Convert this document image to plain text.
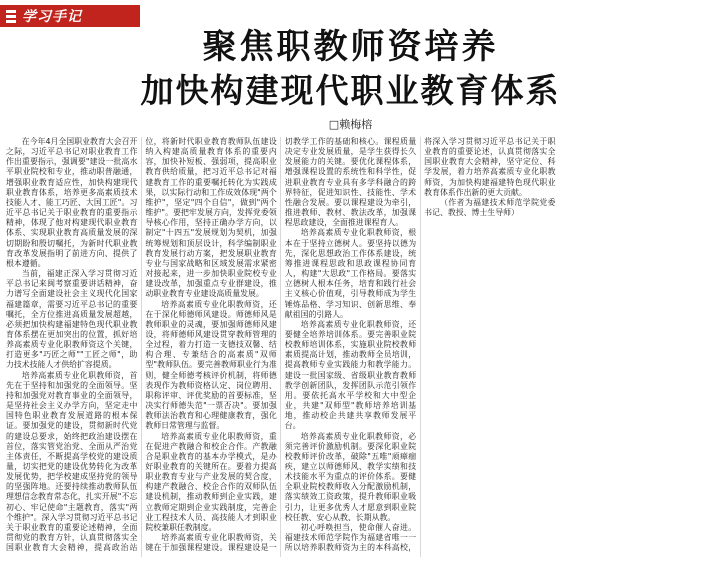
学习手记
聚焦职教师资培养
加快构建现代职业教育体系
□赖梅榕

在今年4月全国职业教育大会召开之际，习近平总书记对职业教育工作作出重要指示，强调要"建设一批高水平职业院校和专业，推动职普融通，增强职业教育适应性，加快构建现代职业教育体系，培养更多高素质技术技能人才、能工巧匠、大国工匠"。习近平总书记关于职业教育的重要指示精神，体现了他对构建现代职业教育体系、实现职业教育高质量发展的深切期盼和殷切嘱托，为新时代职业教育改革发展指明了前进方向、提供了根本遵循。

当前，福建正深入学习贯彻习近平总书记来闽考察重要讲话精神，奋力谱写全面建设社会主义现代化国家福建篇章，需要习近平总书记的重要嘱托，全方位推进高质量发展超越，必须把加快构建福建特色现代职业教育体系摆在更加突出的位置，抓好培养高素质专业化职教师资这个关键，打造更多"巧匠之师""工匠之师"，助力技术技能人才供给扩容提质。

培养高素质专业化职教师资，首先在于坚持和加强党的全面领导。坚持和加强党对教育事业的全面领导，是坚持社会主义办学方向，坚定走中国特色职业教育发展道路的根本保证。要加强党的建设，贯彻新时代党的建设总要求，始终把政治建设摆在首位，落实管党治党、全面从严治党主体责任，不断提高学校党的建设质量，切实把党的建设优势转化为改革发展优势，把学校建成坚持党的领导的坚强阵地。还要持续推动教师队伍理想信念教育常态化，扎实开展"不忘初心、牢记使命"主题教育，落实"两个维护"。深入学习贯彻习近平总书记关于职业教育的重要论述精神，全面贯彻党的教育方针，认真贯彻落实全国职业教育大会精神，提高政治站位，将新时代职业教育教师队伍建设纳入构建高质量教育体系的重要内容，加快补短板、强弱项，提高职业教育供给质量，把习近平总书记对福建教育工作的重要嘱托转化为实践成果，以实际行动和工作成效体现"两个维护"，坚定"四个自信"，做到"两个维护"。要把牢发展方向，发挥党委领导核心作用，坚持正确办学方向，以制定"十四五"发展规划为契机，加强统筹规划和顶层设计，科学编制职业教育发展行动方案，把发展职业教育专业与国家战略和区域发展需求紧密对接起来，进一步加快职业院校专业建设改革，加强重点专业群建设，推动职业教育专业建设高质量发展。

培养高素质专业化职教师资，还在于深化师德师风建设。师德师风是教师职业的灵魂，要加强师德师风建设，将师德师风建设贯穿教师管理的全过程，着力打造一支德技双馨、结构合理、专兼结合的高素质"双师型"教师队伍。要完善教师职业行为准则，健全师德考核评价机制，将师德表现作为教师资格认定、岗位聘用、职称评审、评优奖励的首要标准，坚决实行师德失范"一票否决"。要加强教师法治教育和心理健康教育，强化教师日常管理与监督。

培养高素质专业化职教师资，重在促进产教融合和校企合作。产教融合是职业教育的基本办学模式，是办好职业教育的关键所在。要着力提高职业教育专业与产业发展的契合度，构建产教融合、校企合作的双师队伍建设机制，推动教师到企业实践，建立教师定期到企业实践制度，完善企业工程技术人员、高技能人才到职业院校兼职任教制度。

培养高素质专业化职教师资，关键在于加强课程建设。课程建设是一切教学工作的基础和核心。课程质量决定专业发展质量，是学生获得长久发展能力的关键。要优化课程体系，增强课程设置的系统性和科学性，促进职业教育专业具有多学科融合的跨界特征，促进知识性、技能性、学术性融合发展。要以课程建设为牵引，推进教师、教材、教法改革，加强课程思政建设，全面推进课程育人。

培养高素质专业化职教师资，根本在于坚持立德树人。要坚持以德为先，深化思想政治工作体系建设，统筹推进课程思政和思政课程协同育人，构建"大思政"工作格局。要落实立德树人根本任务，培育和践行社会主义核心价值观，引导教师成为学生锤炼品格、学习知识、创新思维、奉献祖国的引路人。

培养高素质专业化职教师资，还要健全培养培训体系。要完善职业院校教师培训体系，实施职业院校教师素质提高计划，推动教师全员培训，提高教师专业实践能力和教学能力。建设一批国家级、省级职业教育教师教学创新团队，发挥团队示范引领作用。要依托高水平学校和大中型企业，共建"双师型"教师培养培训基地，推动校企共建共享教师发展平台。

培养高素质专业化职教师资，必须完善评价激励机制。要深化职业院校教师评价改革，破除"五唯"顽瘴痼疾，建立以师德师风、教学实绩和技术技能水平为重点的评价体系。要健全职业院校教师收入分配激励机制，落实绩效工资政策，提升教师职业吸引力，让更多优秀人才愿意到职业院校任教、安心从教、长期从教。

初心呼唤担当，使命催人奋进。福建技术师范学院作为福建省唯一一所以培养职教师资为主的本科高校，将深入学习贯彻习近平总书记关于职业教育的重要论述，认真贯彻落实全国职业教育大会精神，坚守定位、科学发展，着力培养高素质专业化职教师资，为加快构建福建特色现代职业教育体系作出新的更大贡献。

（作者为福建技术师范学院党委书记、教授、博士生导师）
